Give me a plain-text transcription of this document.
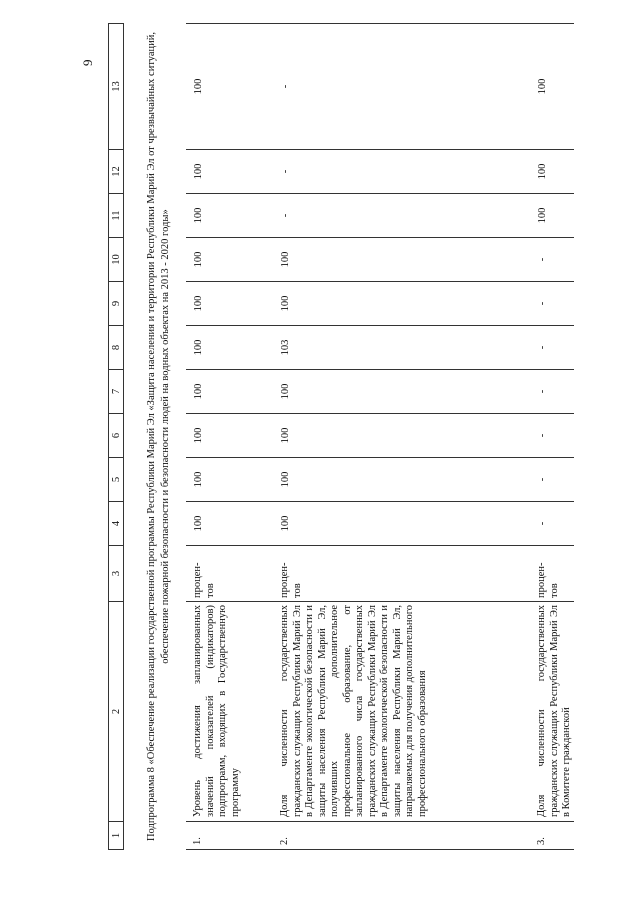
9
1	2	3	4	5	6	7	8	9	10	11	12	13
Подпрограмма 8 «Обеспечение реализации государственной программы Республики Марий Эл «Защита населения и территории Республики Марий Эл от чрезвычайных ситуаций, обеспечение пожарной безопасности и безопасности людей на водных объектах на 2013 - 2020 годы»												
1.	Уровень достижения запланированных значений показателей (индикаторов) подпрограмм, входящих в Государственную программу	процен-тов	100	100	100	100	100	100	100	100	100	100
2.	Доля численности государственных гражданских служащих Республики Марий Эл в Департаменте экологической безопасности и защиты населения Республики Марий Эл, получивших дополнительное профессиональное образование, от запланированного числа государственных гражданских служащих Республики Марий Эл в Департаменте экологической безопасности и защиты населения Республики Марий Эл, направляемых для получения дополнительного профессионального образования	процен-тов	100	100	100	100	103	100	100	-	-	-
3.	Доля численности государственных гражданских служащих Республики Марий Эл в Комитете гражданской	процен-тов	-	-	-	-	-	-	-	100	100	100
